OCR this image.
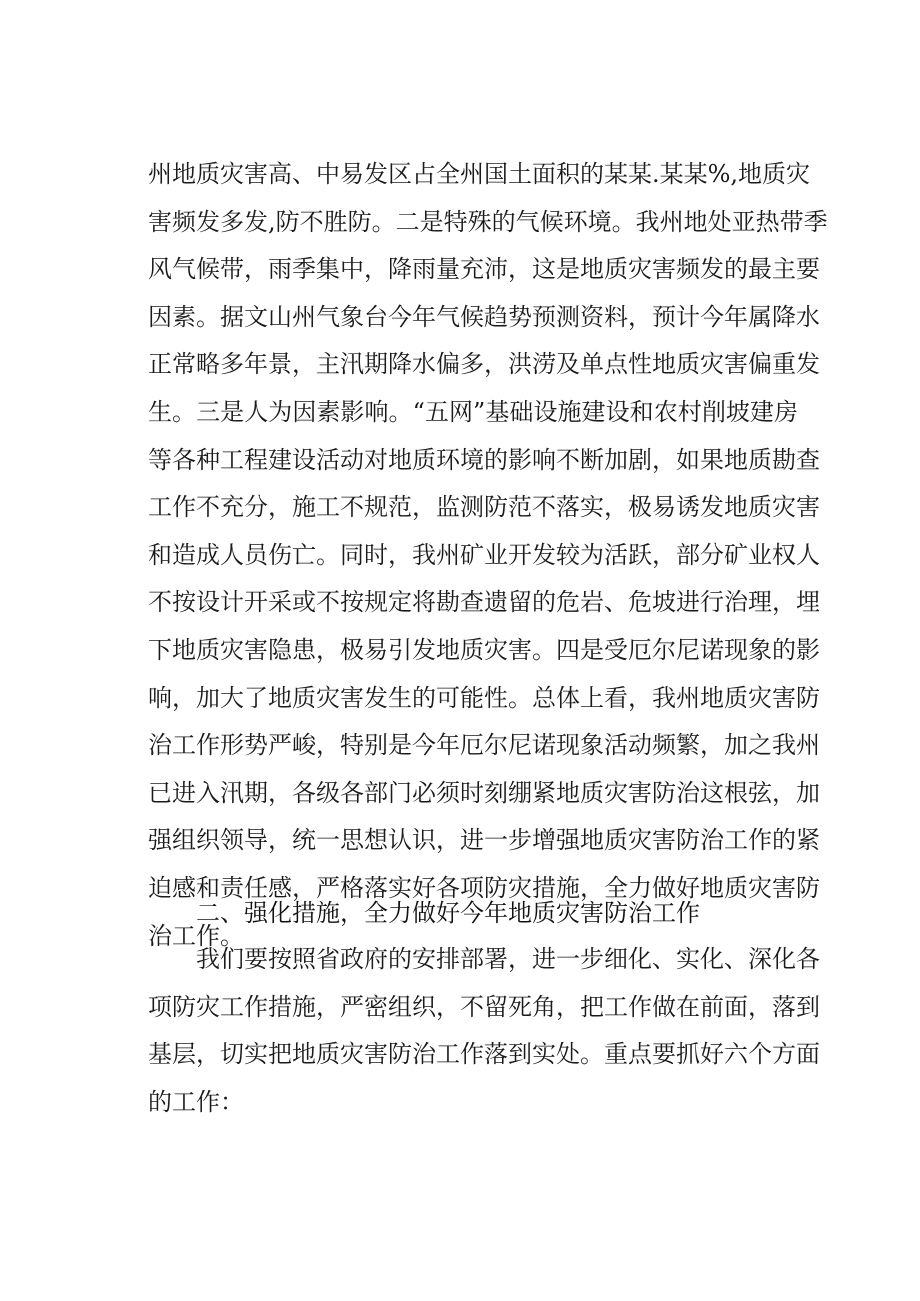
州地质灾害高、中易发区占全州国土面积的某某.某某%,地质灾
害频发多发,防不胜防。二是特殊的气候环境。我州地处亚热带季
风气候带，雨季集中，降雨量充沛，这是地质灾害频发的最主要
因素。据文山州气象台今年气候趋势预测资料，预计今年属降水
正常略多年景，主汛期降水偏多，洪涝及单点性地质灾害偏重发
生。三是人为因素影响。“五网”基础设施建设和农村削坡建房
等各种工程建设活动对地质环境的影响不断加剧，如果地质勘查
工作不充分，施工不规范，监测防范不落实，极易诱发地质灾害
和造成人员伤亡。同时，我州矿业开发较为活跃，部分矿业权人
不按设计开采或不按规定将勘查遗留的危岩、危坡进行治理，埋
下地质灾害隐患，极易引发地质灾害。四是受厄尔尼诺现象的影
响，加大了地质灾害发生的可能性。总体上看，我州地质灾害防
治工作形势严峻，特别是今年厄尔尼诺现象活动频繁，加之我州
已进入汛期，各级各部门必须时刻绷紧地质灾害防治这根弦，加
强组织领导，统一思想认识，进一步增强地质灾害防治工作的紧
迫感和责任感，严格落实好各项防灾措施，全力做好地质灾害防
治工作。
二、强化措施，全力做好今年地质灾害防治工作
我们要按照省政府的安排部署，进一步细化、实化、深化各
项防灾工作措施，严密组织，不留死角，把工作做在前面，落到
基层，切实把地质灾害防治工作落到实处。重点要抓好六个方面
的工作：
